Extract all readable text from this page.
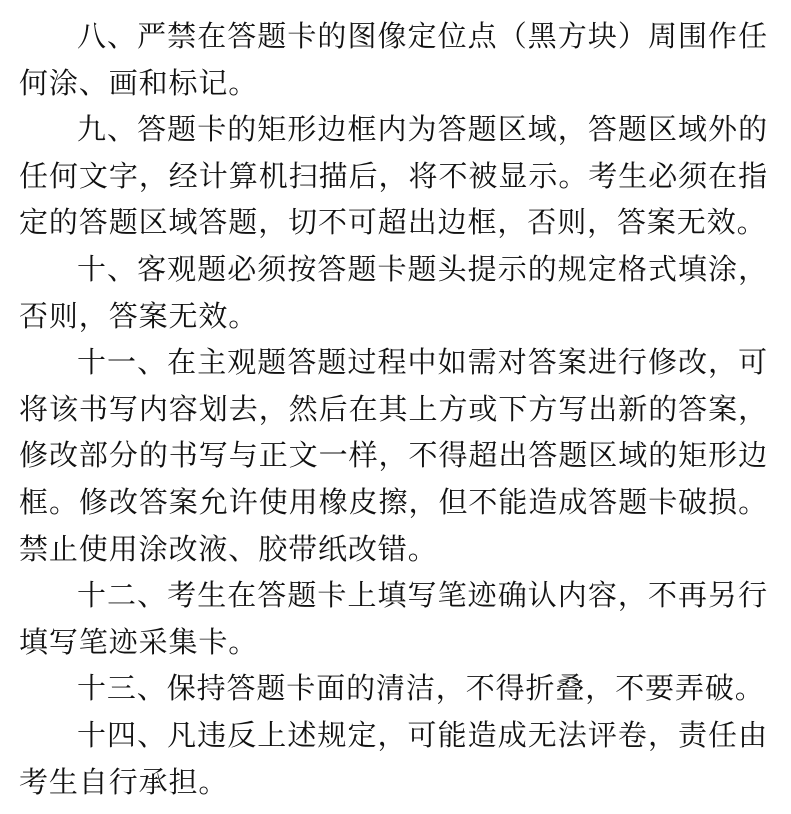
八、严禁在答题卡的图像定位点（黑方块）周围作任何涂、画和标记。

九、答题卡的矩形边框内为答题区域，答题区域外的任何文字，经计算机扫描后，将不被显示。考生必须在指定的答题区域答题，切不可超出边框，否则，答案无效。

十、客观题必须按答题卡题头提示的规定格式填涂，否则，答案无效。

十一、在主观题答题过程中如需对答案进行修改，可将该书写内容划去，然后在其上方或下方写出新的答案，修改部分的书写与正文一样，不得超出答题区域的矩形边框。修改答案允许使用橡皮擦，但不能造成答题卡破损。禁止使用涂改液、胶带纸改错。

十二、考生在答题卡上填写笔迹确认内容，不再另行填写笔迹采集卡。

十三、保持答题卡面的清洁，不得折叠，不要弄破。

十四、凡违反上述规定，可能造成无法评卷，责任由考生自行承担。
